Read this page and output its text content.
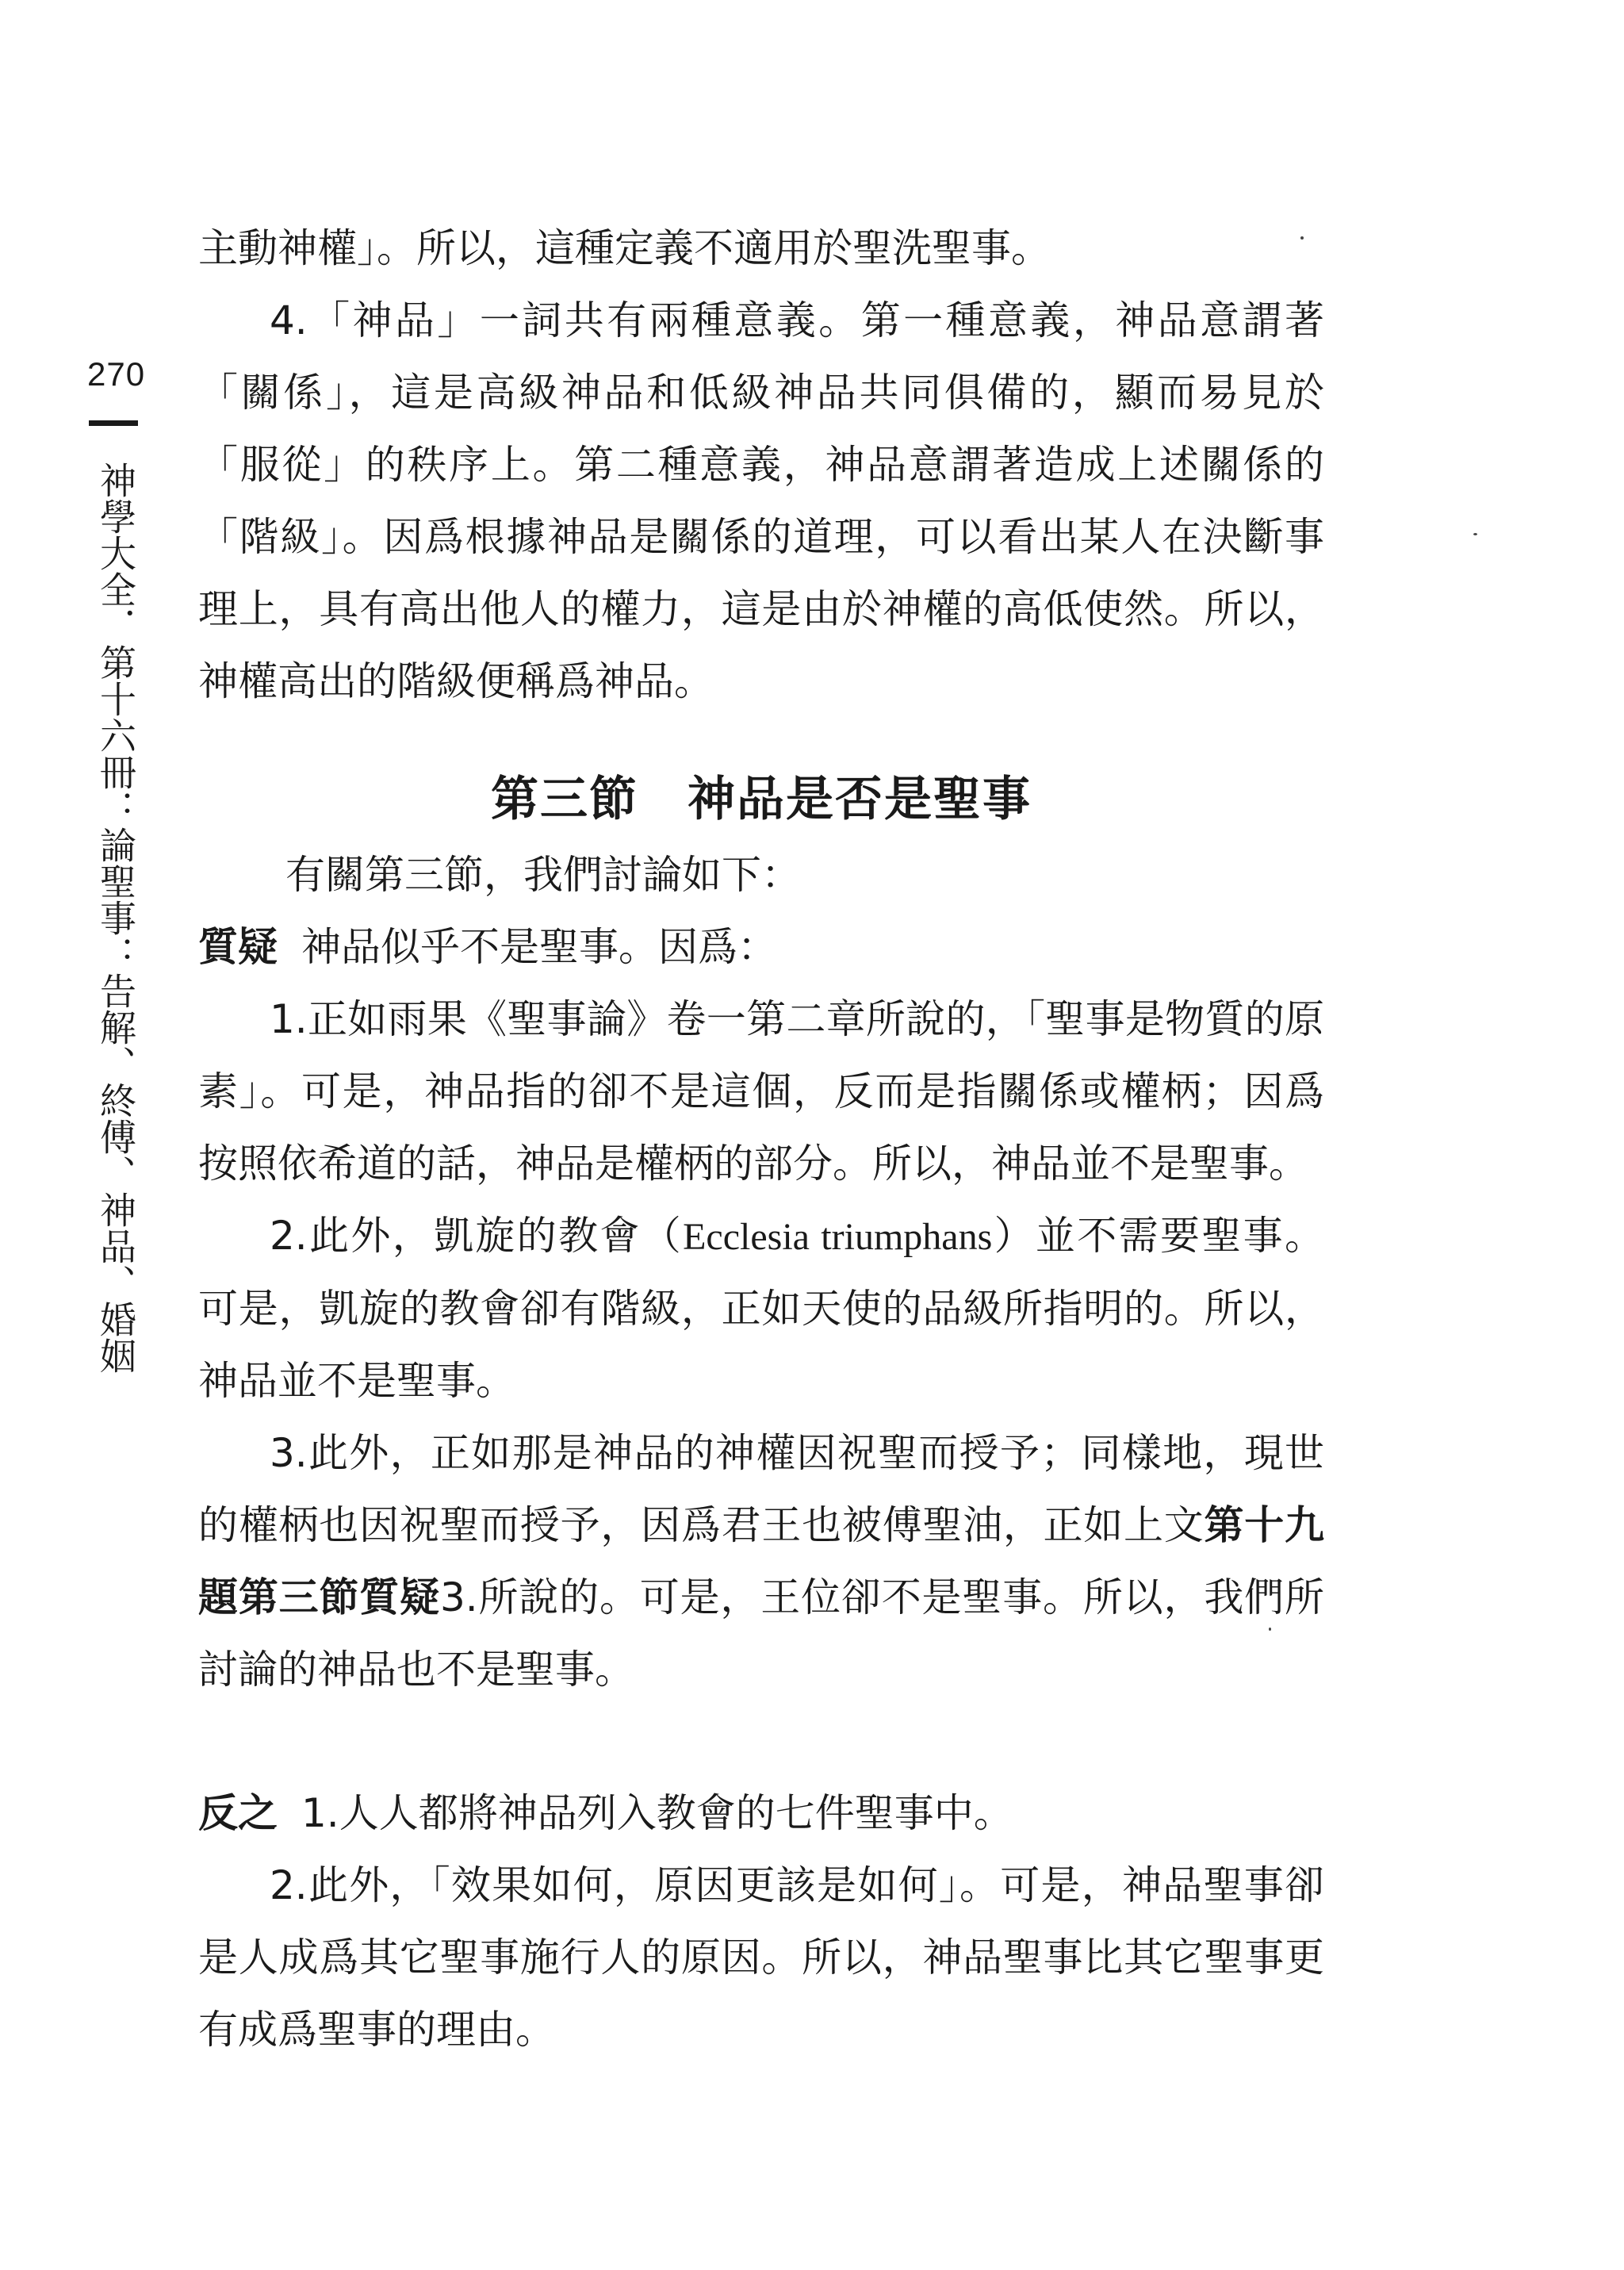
270
神學大全．第十六冊：論聖事：告解、終傅、神品、婚姻

主動神權」。所以，這種定義不適用於聖洗聖事。

4.「神品」一詞共有兩種意義。第一種意義，神品意謂著「關係」，這是高級神品和低級神品共同俱備的，顯而易見於「服從」的秩序上。第二種意義，神品意謂著造成上述關係的「階級」。因爲根據神品是關係的道理，可以看出某人在決斷事理上，具有高出他人的權力，這是由於神權的高低使然。所以，神權高出的階級便稱爲神品。

第三節　神品是否是聖事

有關第三節，我們討論如下：

質疑 神品似乎不是聖事。因爲：

1.正如雨果《聖事論》卷一第二章所說的，「聖事是物質的原素」。可是，神品指的卻不是這個，反而是指關係或權柄；因爲按照依希道的話，神品是權柄的部分。所以，神品並不是聖事。

2.此外，凱旋的教會（Ecclesia triumphans）並不需要聖事。可是，凱旋的教會卻有階級，正如天使的品級所指明的。所以，神品並不是聖事。

3.此外，正如那是神品的神權因祝聖而授予；同樣地，現世的權柄也因祝聖而授予，因爲君王也被傅聖油，正如上文第十九題第三節質疑3.所說的。可是，王位卻不是聖事。所以，我們所討論的神品也不是聖事。

反之 1.人人都將神品列入教會的七件聖事中。

2.此外，「效果如何，原因更該是如何」。可是，神品聖事卻是人成爲其它聖事施行人的原因。所以，神品聖事比其它聖事更有成爲聖事的理由。
